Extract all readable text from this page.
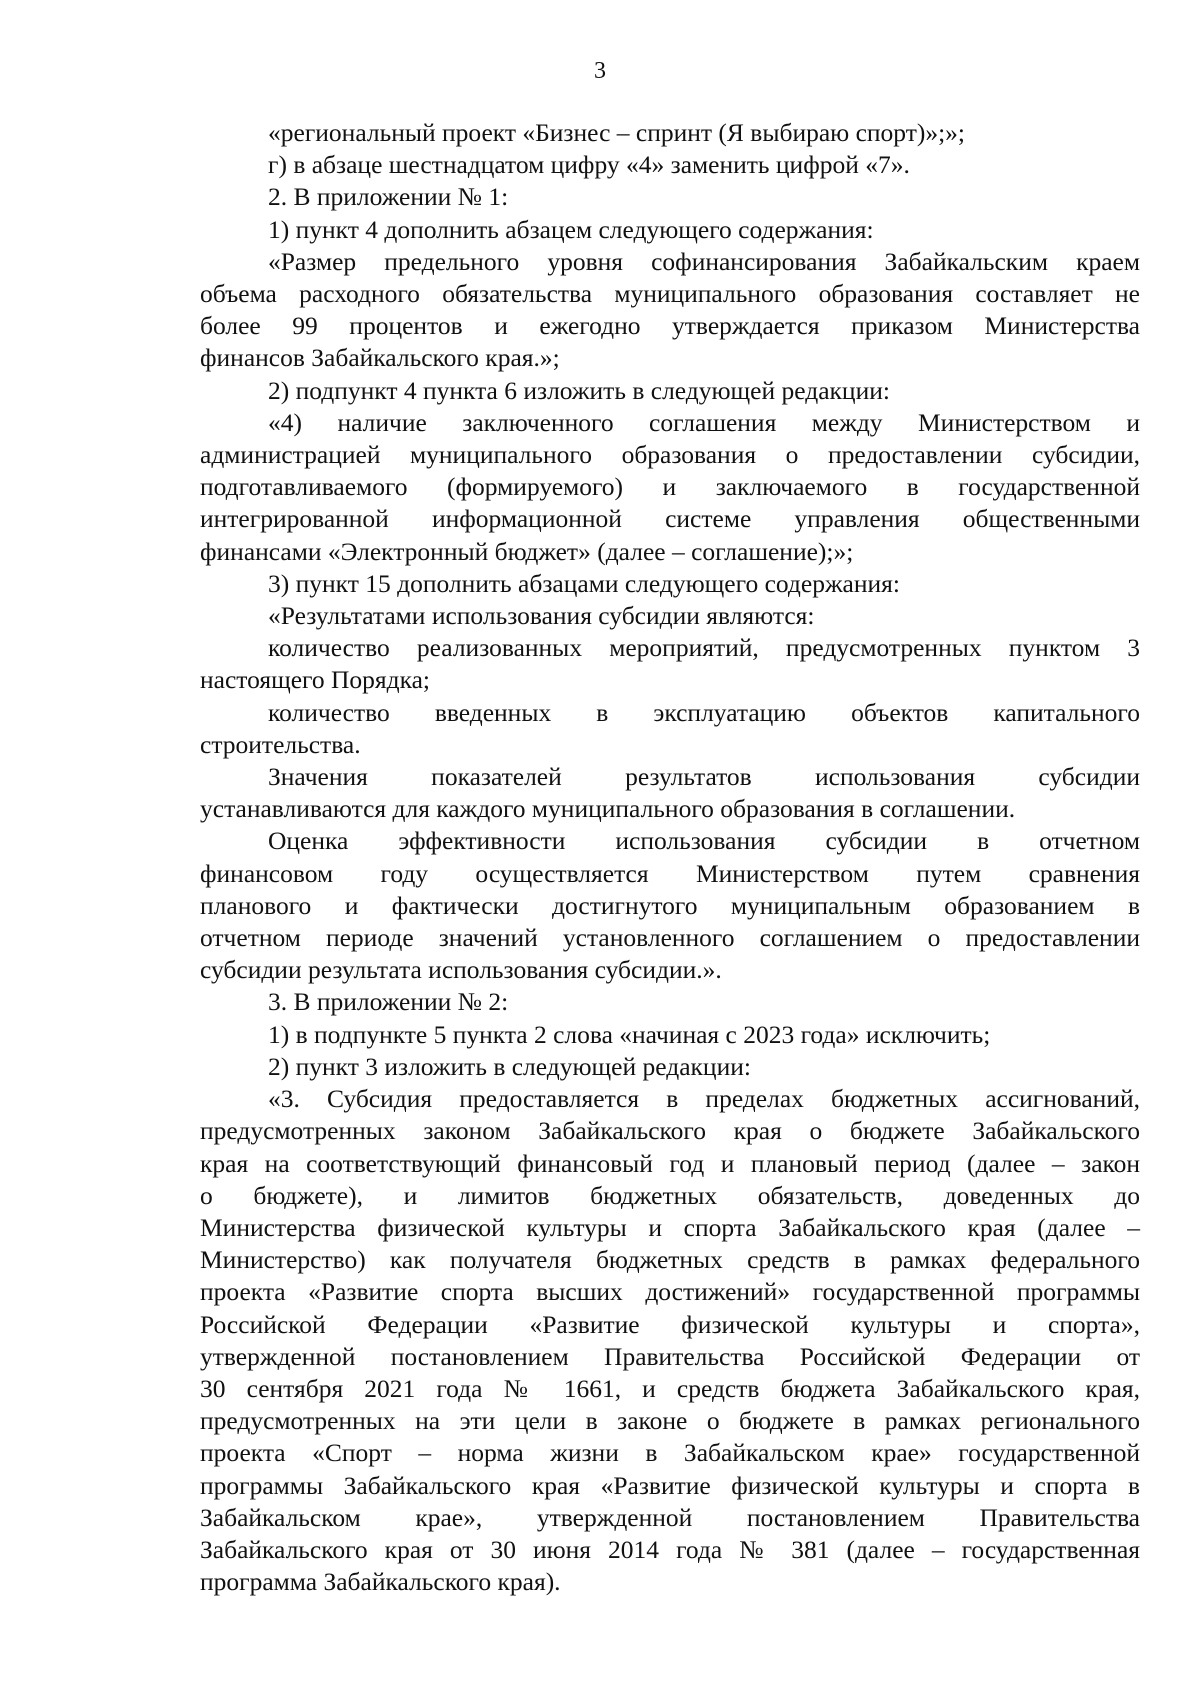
3
«региональный проект «Бизнес – спринт (Я выбираю спорт)»;»;
г) в абзаце шестнадцатом цифру «4» заменить цифрой «7».
2. В приложении № 1:
1) пункт 4 дополнить абзацем следующего содержания:
«Размер предельного уровня софинансирования Забайкальским краем
объема расходного обязательства муниципального образования составляет не
более 99 процентов и ежегодно утверждается приказом Министерства
финансов Забайкальского края.»;
2) подпункт 4 пункта 6 изложить в следующей редакции:
«4) наличие заключенного соглашения между Министерством и
администрацией муниципального образования о предоставлении субсидии,
подготавливаемого (формируемого) и заключаемого в государственной
интегрированной информационной системе управления общественными
финансами «Электронный бюджет» (далее – соглашение);»;
3) пункт 15 дополнить абзацами следующего содержания:
«Результатами использования субсидии являются:
количество реализованных мероприятий, предусмотренных пунктом 3
настоящего Порядка;
количество введенных в эксплуатацию объектов капитального
строительства.
Значения показателей результатов использования субсидии
устанавливаются для каждого муниципального образования в соглашении.
Оценка эффективности использования субсидии в отчетном
финансовом году осуществляется Министерством путем сравнения
планового и фактически достигнутого муниципальным образованием в
отчетном периоде значений установленного соглашением о предоставлении
субсидии результата использования субсидии.».
3. В приложении № 2:
1) в подпункте 5 пункта 2 слова «начиная с 2023 года» исключить;
2) пункт 3 изложить в следующей редакции:
«3. Субсидия предоставляется в пределах бюджетных ассигнований,
предусмотренных законом Забайкальского края о бюджете Забайкальского
края на соответствующий финансовый год и плановый период (далее – закон
о бюджете), и лимитов бюджетных обязательств, доведенных до
Министерства физической культуры и спорта Забайкальского края (далее –
Министерство) как получателя бюджетных средств в рамках федерального
проекта «Развитие спорта высших достижений» государственной программы
Российской Федерации «Развитие физической культуры и спорта»,
утвержденной постановлением Правительства Российской Федерации от
30 сентября 2021 года № 1661, и средств бюджета Забайкальского края,
предусмотренных на эти цели в законе о бюджете в рамках регионального
проекта «Спорт – норма жизни в Забайкальском крае» государственной
программы Забайкальского края «Развитие физической культуры и спорта в
Забайкальском крае», утвержденной постановлением Правительства
Забайкальского края от 30 июня 2014 года № 381 (далее – государственная
программа Забайкальского края).
